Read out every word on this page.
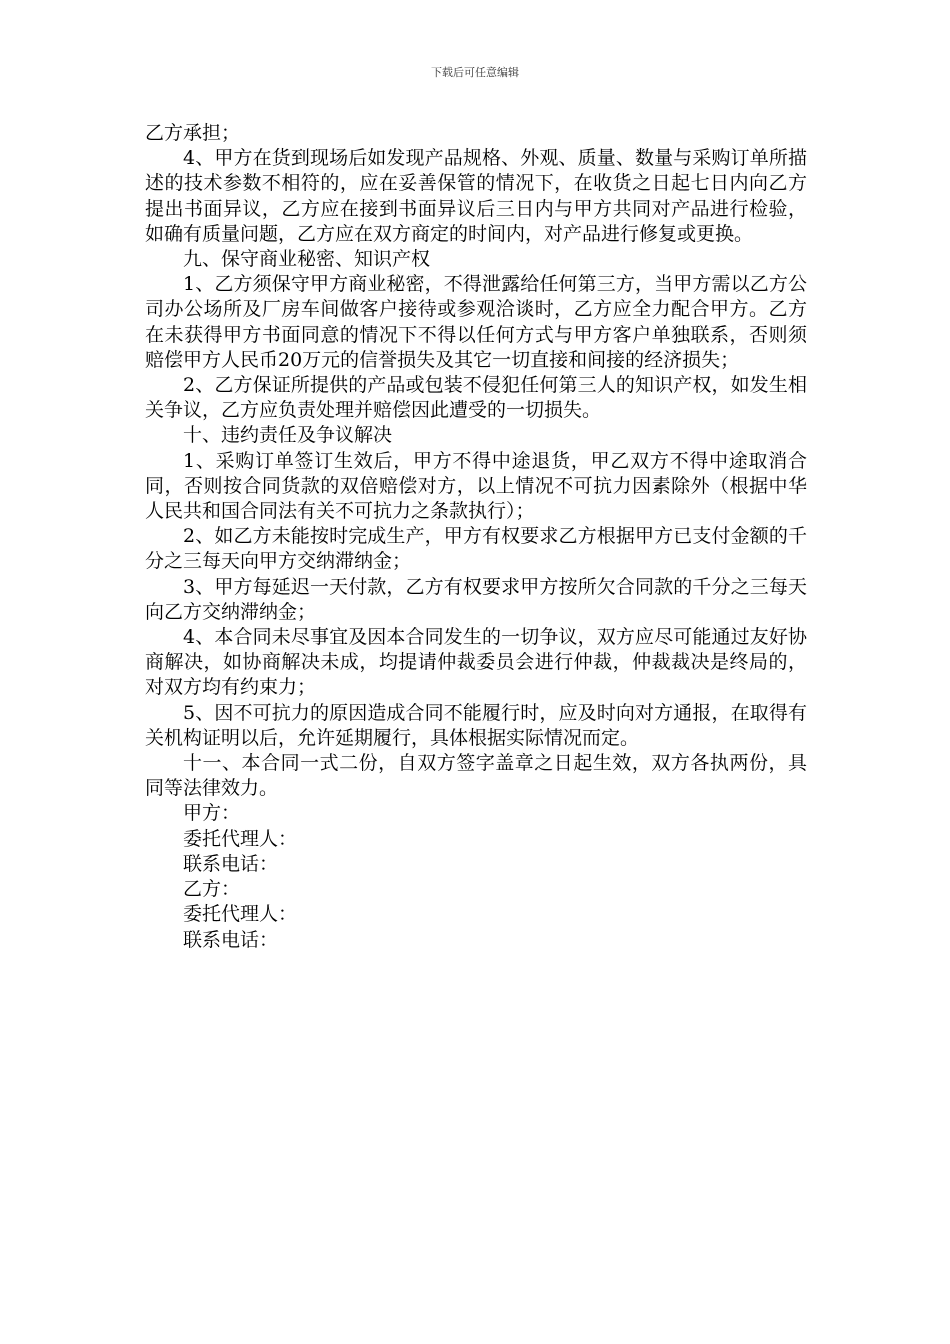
下载后可任意编辑

乙方承担；

4、甲方在货到现场后如发现产品规格、外观、质量、数量与采购订单所描述的技术参数不相符的，应在妥善保管的情况下，在收货之日起七日内向乙方提出书面异议，乙方应在接到书面异议后三日内与甲方共同对产品进行检验，如确有质量问题，乙方应在双方商定的时间内，对产品进行修复或更换。

九、保守商业秘密、知识产权

1、乙方须保守甲方商业秘密，不得泄露给任何第三方，当甲方需以乙方公司办公场所及厂房车间做客户接待或参观洽谈时，乙方应全力配合甲方。乙方在未获得甲方书面同意的情况下不得以任何方式与甲方客户单独联系，否则须赔偿甲方人民币20万元的信誉损失及其它一切直接和间接的经济损失；

2、乙方保证所提供的产品或包装不侵犯任何第三人的知识产权，如发生相关争议，乙方应负责处理并赔偿因此遭受的一切损失。

十、违约责任及争议解决

1、采购订单签订生效后，甲方不得中途退货，甲乙双方不得中途取消合同，否则按合同货款的双倍赔偿对方，以上情况不可抗力因素除外（根据中华人民共和国合同法有关不可抗力之条款执行）；

2、如乙方未能按时完成生产，甲方有权要求乙方根据甲方已支付金额的千分之三每天向甲方交纳滞纳金；

3、甲方每延迟一天付款，乙方有权要求甲方按所欠合同款的千分之三每天向乙方交纳滞纳金；

4、本合同未尽事宜及因本合同发生的一切争议，双方应尽可能通过友好协商解决，如协商解决未成，均提请仲裁委员会进行仲裁，仲裁裁决是终局的，对双方均有约束力；

5、因不可抗力的原因造成合同不能履行时，应及时向对方通报，在取得有关机构证明以后，允许延期履行，具体根据实际情况而定。

十一、本合同一式二份，自双方签字盖章之日起生效，双方各执两份，具同等法律效力。

甲方：

委托代理人：

联系电话：

乙方：

委托代理人：

联系电话：
